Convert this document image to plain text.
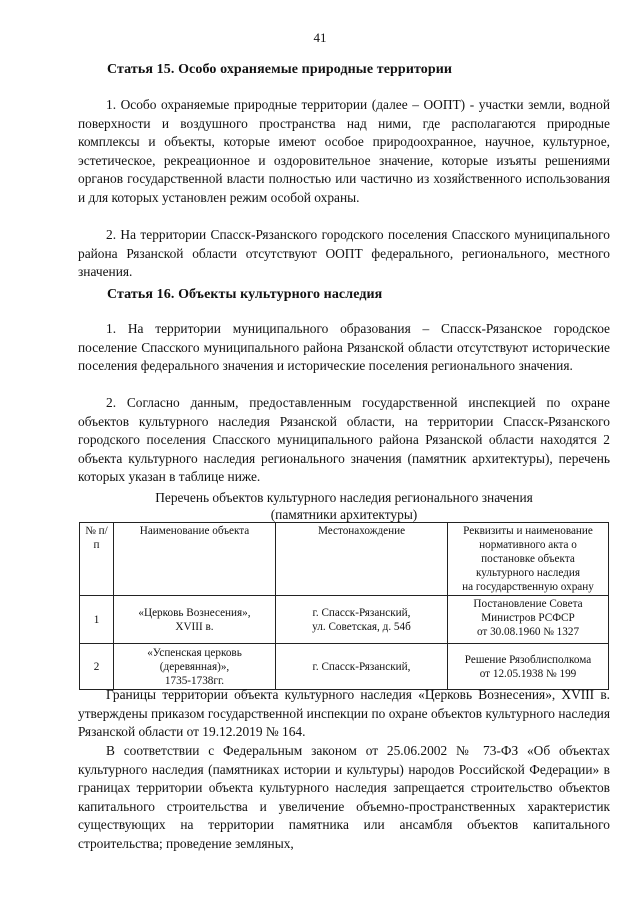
41
Статья 15. Особо охраняемые природные территории

1. Особо охраняемые природные территории (далее – ООПТ) - участки земли, водной поверхности и воздушного пространства над ними, где располагаются природные комплексы и объекты, которые имеют особое природоохранное, научное, культурное, эстетическое, рекреационное и оздоровительное значение, которые изъяты решениями органов государственной власти полностью или частично из хозяйственного использования и для которых установлен режим особой охраны.

2. На территории Спасск-Рязанского городского поселения Спасского муниципального района Рязанской области отсутствуют ООПТ федерального, регионального, местного значения.

Статья 16. Объекты культурного наследия

1. На территории муниципального образования – Спасск-Рязанское городское поселение Спасского муниципального района Рязанской области отсутствуют исторические поселения федерального значения и исторические поселения регионального значения.

2. Согласно данным, предоставленным государственной инспекцией по охране объектов культурного наследия Рязанской области, на территории Спасск-Рязанского городского поселения Спасского муниципального района Рязанской области находятся 2 объекта культурного наследия регионального значения (памятник архитектуры), перечень которых указан в таблице ниже.

Перечень объектов культурного наследия регионального значения
(памятники архитектуры)
№ п/п	Наименование объекта	Местонахождение	Реквизиты и наименование
нормативного акта о
постановке объекта
культурного наследия
на государственную охрану

1	«Церковь Вознесения»,
XVIII в.	г. Спасск-Рязанский,
ул. Советская, д. 54б	Постановление Совета
Министров РСФСР
от 30.08.1960 № 1327

2	«Успенская церковь
(деревянная)»,
1735-1738гг.	г. Спасск-Рязанский,	Решение Рязоблисполкома
от 12.05.1938 № 199

Границы территории объекта культурного наследия «Церковь Вознесения», XVIII в. утверждены приказом государственной инспекции по охране объектов культурного наследия Рязанской области от 19.12.2019 № 164.

В соответствии с Федеральным законом от 25.06.2002 № 73-ФЗ «Об объектах культурного наследия (памятниках истории и культуры) народов Российской Федерации» в границах территории объекта культурного наследия запрещается строительство объектов капитального строительства и увеличение объемно-пространственных характеристик существующих на территории памятника или ансамбля объектов капитального строительства; проведение земляных,
